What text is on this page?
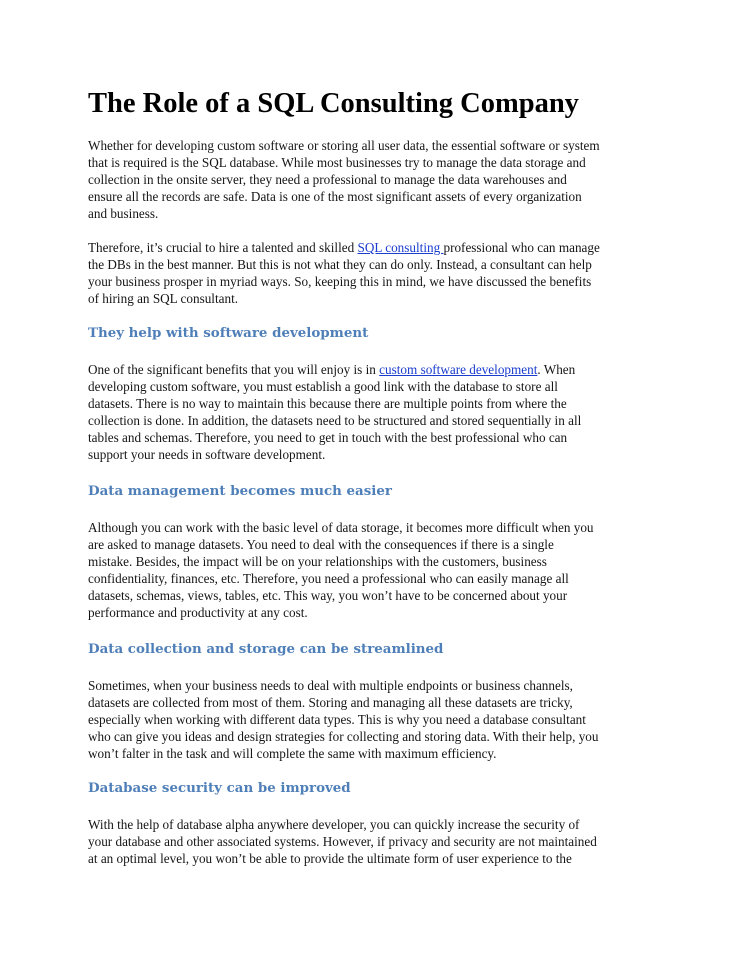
The Role of a SQL Consulting Company

Whether for developing custom software or storing all user data, the essential software or system
that is required is the SQL database. While most businesses try to manage the data storage and
collection in the onsite server, they need a professional to manage the data warehouses and
ensure all the records are safe. Data is one of the most significant assets of every organization
and business.

Therefore, it’s crucial to hire a talented and skilled SQL consulting professional who can manage
the DBs in the best manner. But this is not what they can do only. Instead, a consultant can help
your business prosper in myriad ways. So, keeping this in mind, we have discussed the benefits
of hiring an SQL consultant.

They help with software development

One of the significant benefits that you will enjoy is in custom software development. When
developing custom software, you must establish a good link with the database to store all
datasets. There is no way to maintain this because there are multiple points from where the
collection is done. In addition, the datasets need to be structured and stored sequentially in all
tables and schemas. Therefore, you need to get in touch with the best professional who can
support your needs in software development.

Data management becomes much easier

Although you can work with the basic level of data storage, it becomes more difficult when you
are asked to manage datasets. You need to deal with the consequences if there is a single
mistake. Besides, the impact will be on your relationships with the customers, business
confidentiality, finances, etc. Therefore, you need a professional who can easily manage all
datasets, schemas, views, tables, etc. This way, you won’t have to be concerned about your
performance and productivity at any cost.

Data collection and storage can be streamlined

Sometimes, when your business needs to deal with multiple endpoints or business channels,
datasets are collected from most of them. Storing and managing all these datasets are tricky,
especially when working with different data types. This is why you need a database consultant
who can give you ideas and design strategies for collecting and storing data. With their help, you
won’t falter in the task and will complete the same with maximum efficiency.

Database security can be improved

With the help of database alpha anywhere developer, you can quickly increase the security of
your database and other associated systems. However, if privacy and security are not maintained
at an optimal level, you won’t be able to provide the ultimate form of user experience to the
